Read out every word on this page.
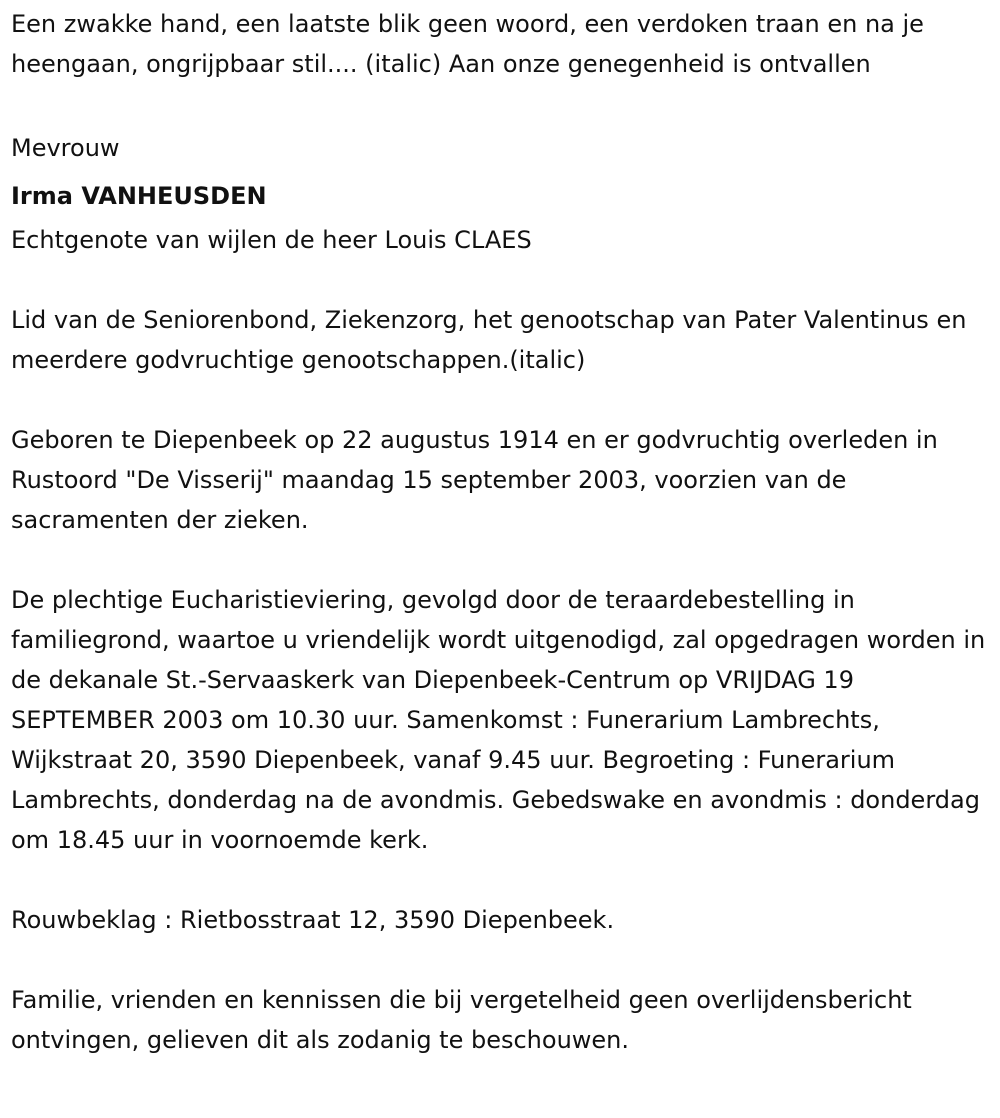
Een zwakke hand, een laatste blik geen woord, een verdoken traan en na je heengaan, ongrijpbaar stil.... (italic) Aan onze genegenheid is ontvallen

Mevrouw

Irma VANHEUSDEN

Echtgenote van wijlen de heer Louis CLAES

Lid van de Seniorenbond, Ziekenzorg, het genootschap van Pater Valentinus en meerdere godvruchtige genootschappen.(italic)

Geboren te Diepenbeek op 22 augustus 1914 en er godvruchtig overleden in Rustoord "De Visserij" maandag 15 september 2003, voorzien van de sacramenten der zieken.

De plechtige Eucharistieviering, gevolgd door de teraardebestelling in familiegrond, waartoe u vriendelijk wordt uitgenodigd, zal opgedragen worden in de dekanale St.-Servaaskerk van Diepenbeek-Centrum op VRIJDAG 19 SEPTEMBER 2003 om 10.30 uur. Samenkomst : Funerarium Lambrechts, Wijkstraat 20, 3590 Diepenbeek, vanaf 9.45 uur. Begroeting : Funerarium Lambrechts, donderdag na de avondmis. Gebedswake en avondmis : donderdag om 18.45 uur in voornoemde kerk.

Rouwbeklag : Rietbosstraat 12, 3590 Diepenbeek.

Familie, vrienden en kennissen die bij vergetelheid geen overlijdensbericht ontvingen, gelieven dit als zodanig te beschouwen.
